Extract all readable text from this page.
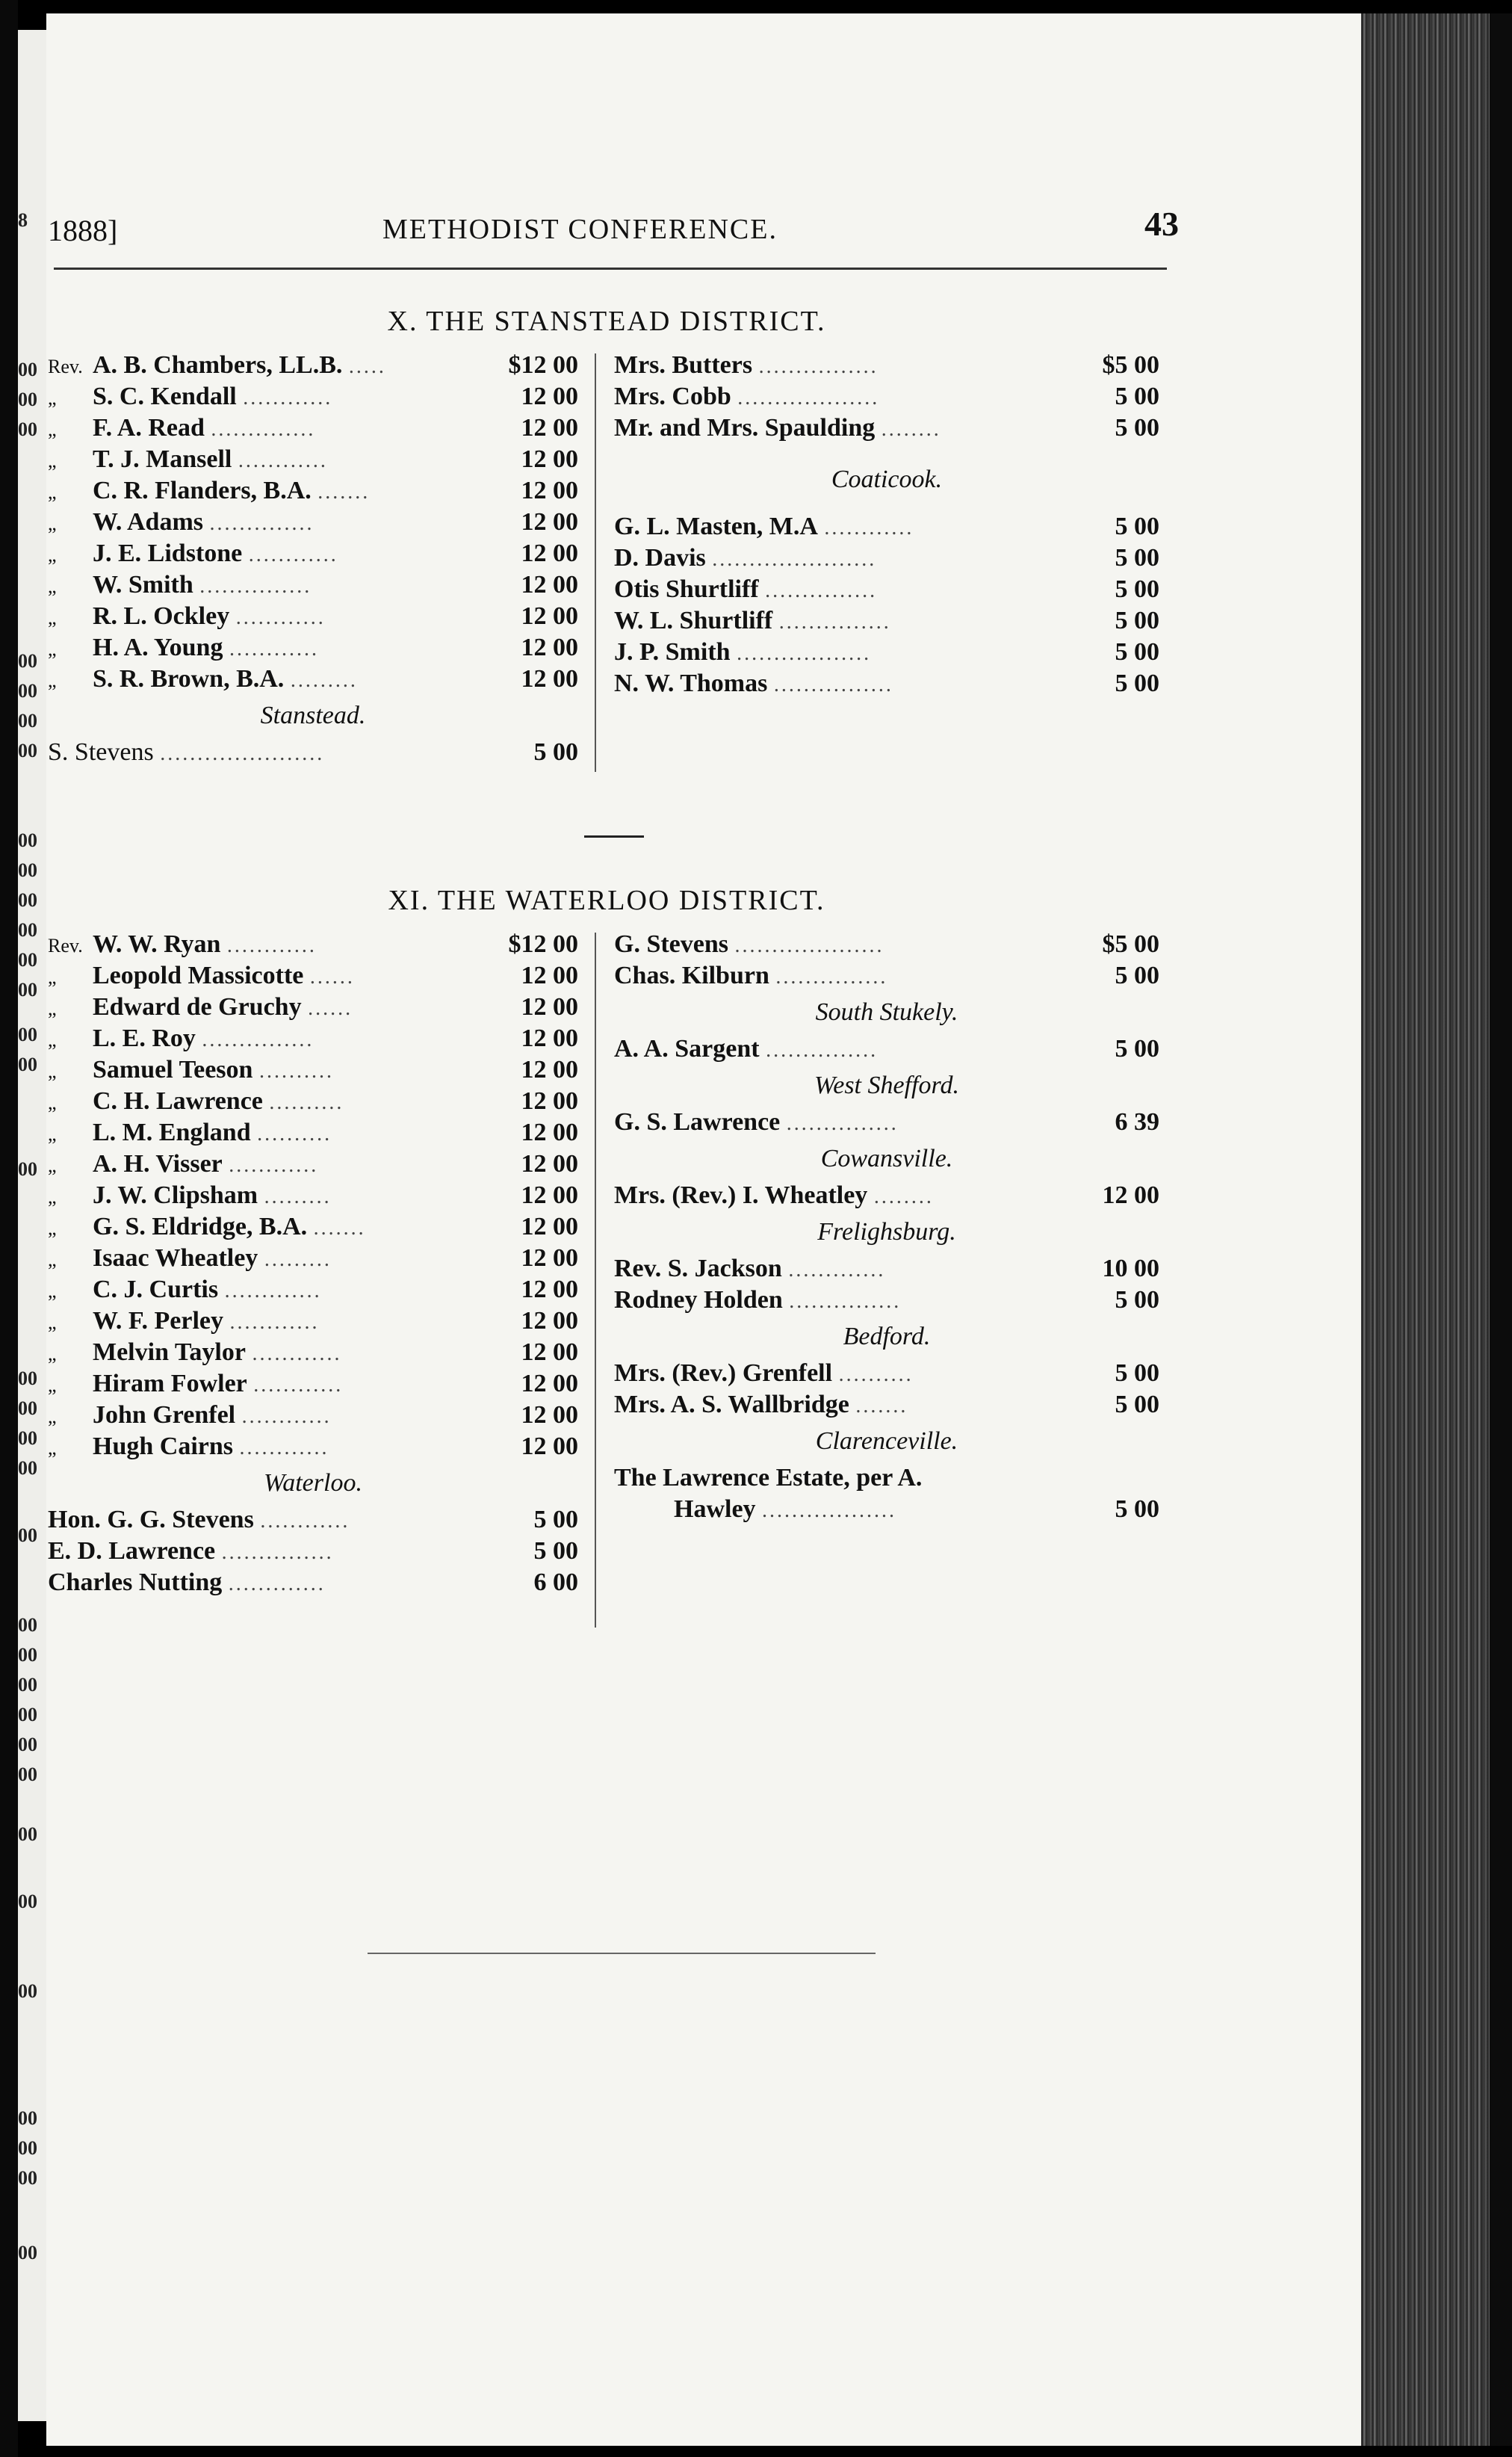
8
00
00
00
00
00
00
00
00
00
00
00
00
00
00
00
00
00
00
00
00
00
00
00
00
00
00
00
00
00
00
00
00
00
00
1888]	METHODIST CONFERENCE.	43
X. THE STANSTEAD DISTRICT.
Rev. A. B. Chambers, LL.B. .....	$12 00
„ S. C. Kendall ............	12 00
„ F. A. Read ..............	12 00
„ T. J. Mansell ............	12 00
„ C. R. Flanders, B.A. .......	12 00
„ W. Adams ..............	12 00
„ J. E. Lidstone ............	12 00
„ W. Smith ...............	12 00
„ R. L. Ockley ............	12 00
„ H. A. Young ............	12 00
„ S. R. Brown, B.A. .........	12 00
Stanstead.
S. Stevens ......................	5 00
Mrs. Butters ................	$5 00
Mrs. Cobb ...................	5 00
Mr. and Mrs. Spaulding ........	5 00
Coaticook.
G. L. Masten, M.A ............	5 00
D. Davis ......................	5 00
Otis Shurtliff ...............	5 00
W. L. Shurtliff ...............	5 00
J. P. Smith ..................	5 00
N. W. Thomas ................	5 00
XI. THE WATERLOO DISTRICT.
Rev. W. W. Ryan ............	$12 00
„ Leopold Massicotte ......	12 00
„ Edward de Gruchy ......	12 00
„ L. E. Roy ...............	12 00
„ Samuel Teeson ..........	12 00
„ C. H. Lawrence ..........	12 00
„ L. M. England ..........	12 00
„ A. H. Visser ............	12 00
„ J. W. Clipsham .........	12 00
„ G. S. Eldridge, B.A. .......	12 00
„ Isaac Wheatley .........	12 00
„ C. J. Curtis .............	12 00
„ W. F. Perley ............	12 00
„ Melvin Taylor ............	12 00
„ Hiram Fowler ............	12 00
„ John Grenfel ............	12 00
„ Hugh Cairns ............	12 00
Waterloo.
Hon. G. G. Stevens ............	5 00
E. D. Lawrence ...............	5 00
Charles Nutting .............	6 00
G. Stevens ....................	$5 00
Chas. Kilburn ...............	5 00
South Stukely.
A. A. Sargent ...............	5 00
West Shefford.
G. S. Lawrence ...............	6 39
Cowansville.
Mrs. (Rev.) I. Wheatley ........	12 00
Frelighsburg.
Rev. S. Jackson .............	10 00
Rodney Holden ...............	5 00
Bedford.
Mrs. (Rev.) Grenfell ..........	5 00
Mrs. A. S. Wallbridge .......	5 00
Clarenceville.
The Lawrence Estate, per A.
Hawley ..................	5 00
